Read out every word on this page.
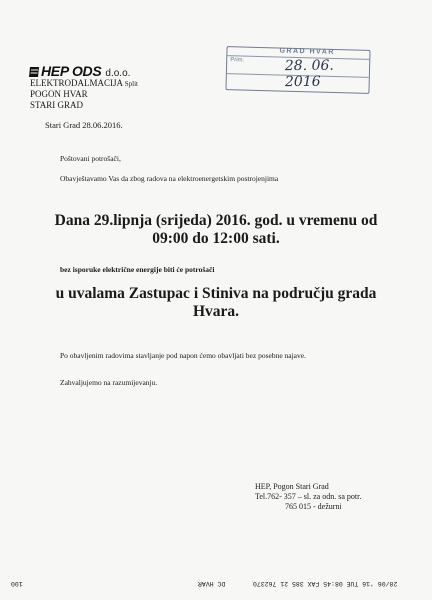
HEP ODS d.o.o.
ELEKTRODALMACIJA Split
POGON HVAR
STARI GRAD
GRAD HVAR
Prim.	28. 06. 2016
Stari Grad 28.06.2016.
Poštovani potrošači,
Obavještavamo Vas da zbog radova na elektroenergetskim postrojenjima
Dana 29.lipnja (srijeda) 2016. god. u vremenu od
09:00 do 12:00 sati.
bez isporuke električne energije biti će potrošači
u uvalama Zastupac i Stiniva na području grada
Hvara.
Po obavljenim radovima stavljanje pod napon ćemo obavljati bez posebne najave.
Zahvaljujemo na razumijevanju.
HEP, Pogon Stari Grad
Tel.762- 357 – sl. za odn. sa potr.
765 015 - dežurni
100	DC HVAR	28/06 '16 TUE 08:45 FAX 385 21 762370
